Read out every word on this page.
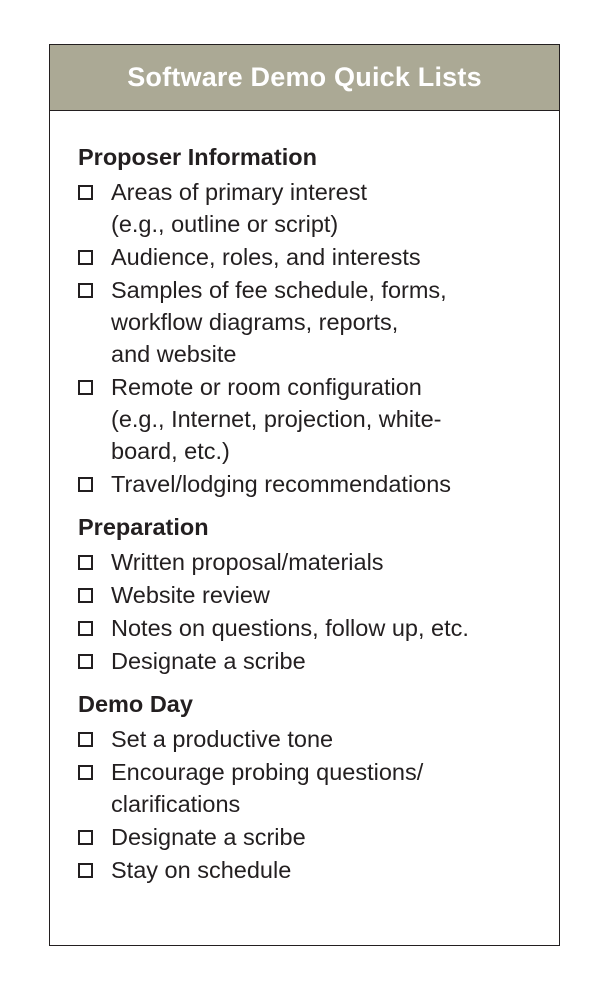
Software Demo Quick Lists
Proposer Information
Areas of primary interest
(e.g., outline or script)
Audience, roles, and interests
Samples of fee schedule, forms,
workflow diagrams, reports,
and website
Remote or room configuration
(e.g., Internet, projection, white-
board, etc.)
Travel/lodging recommendations
Preparation
Written proposal/materials
Website review
Notes on questions, follow up, etc.
Designate a scribe
Demo Day
Set a productive tone
Encourage probing questions/
clarifications
Designate a scribe
Stay on schedule
